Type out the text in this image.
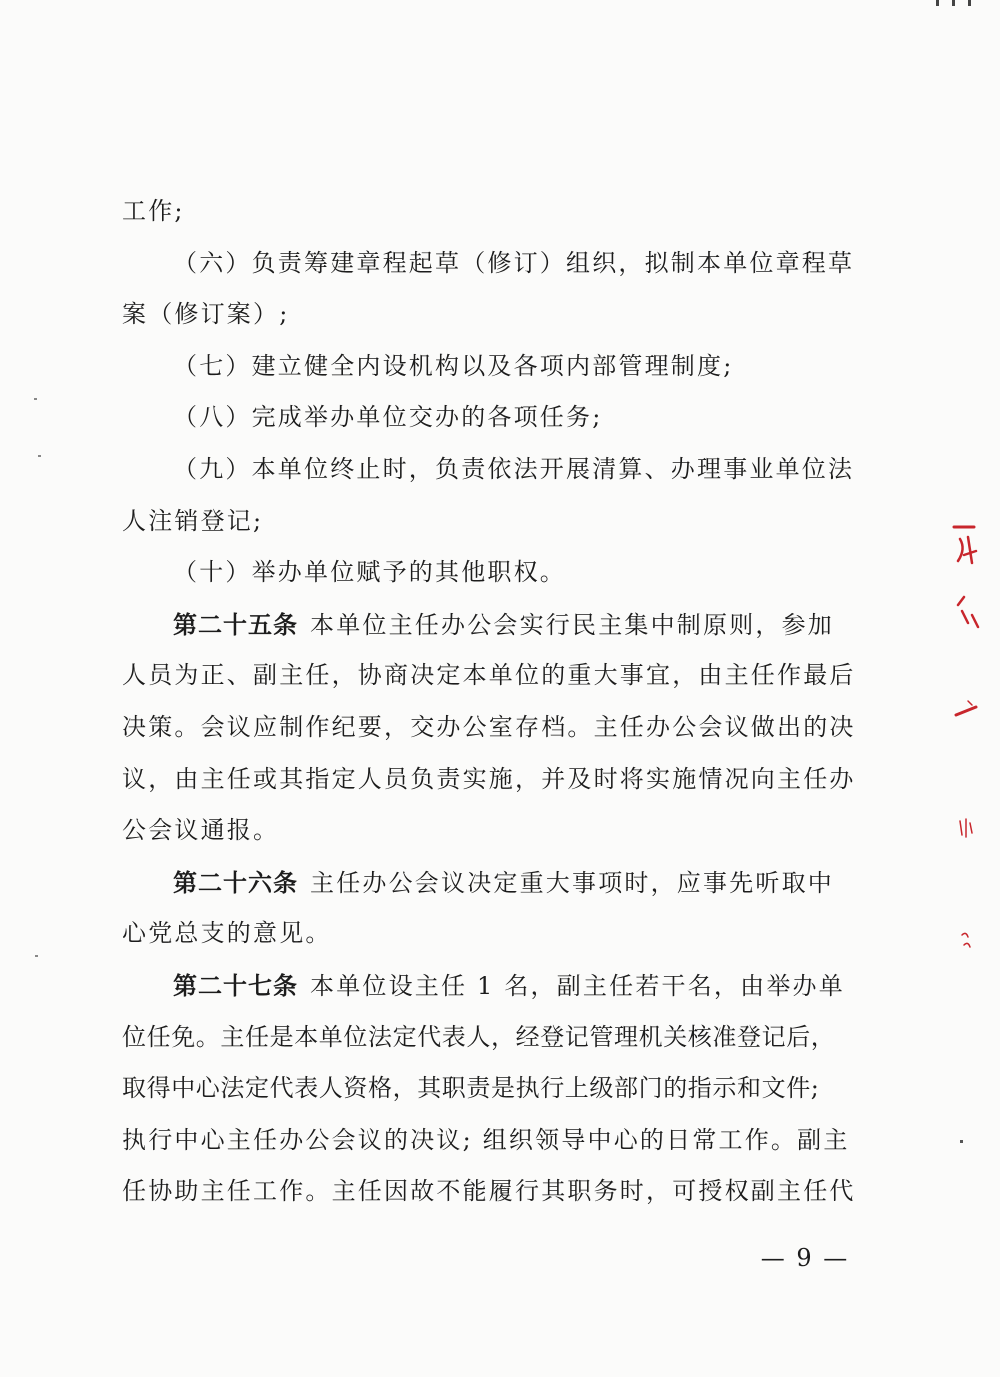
工作;
（六）负责筹建章程起草（修订）组织，拟制本单位章程草
案（修订案）;
（七）建立健全内设机构以及各项内部管理制度;
（八）完成举办单位交办的各项任务;
（九）本单位终止时，负责依法开展清算、办理事业单位法
人注销登记;
（十）举办单位赋予的其他职权。
第二十五条 本单位主任办公会实行民主集中制原则，参加
人员为正、副主任，协商决定本单位的重大事宜，由主任作最后
决策。会议应制作纪要，交办公室存档。主任办公会议做出的决
议，由主任或其指定人员负责实施，并及时将实施情况向主任办
公会议通报。
第二十六条 主任办公会议决定重大事项时，应事先听取中
心党总支的意见。
第二十七条 本单位设主任 1 名，副主任若干名，由举办单
位任免。主任是本单位法定代表人，经登记管理机关核准登记后，
取得中心法定代表人资格，其职责是执行上级部门的指示和文件;
执行中心主任办公会议的决议; 组织领导中心的日常工作。副主
任协助主任工作。主任因故不能履行其职务时，可授权副主任代
— 9 —
